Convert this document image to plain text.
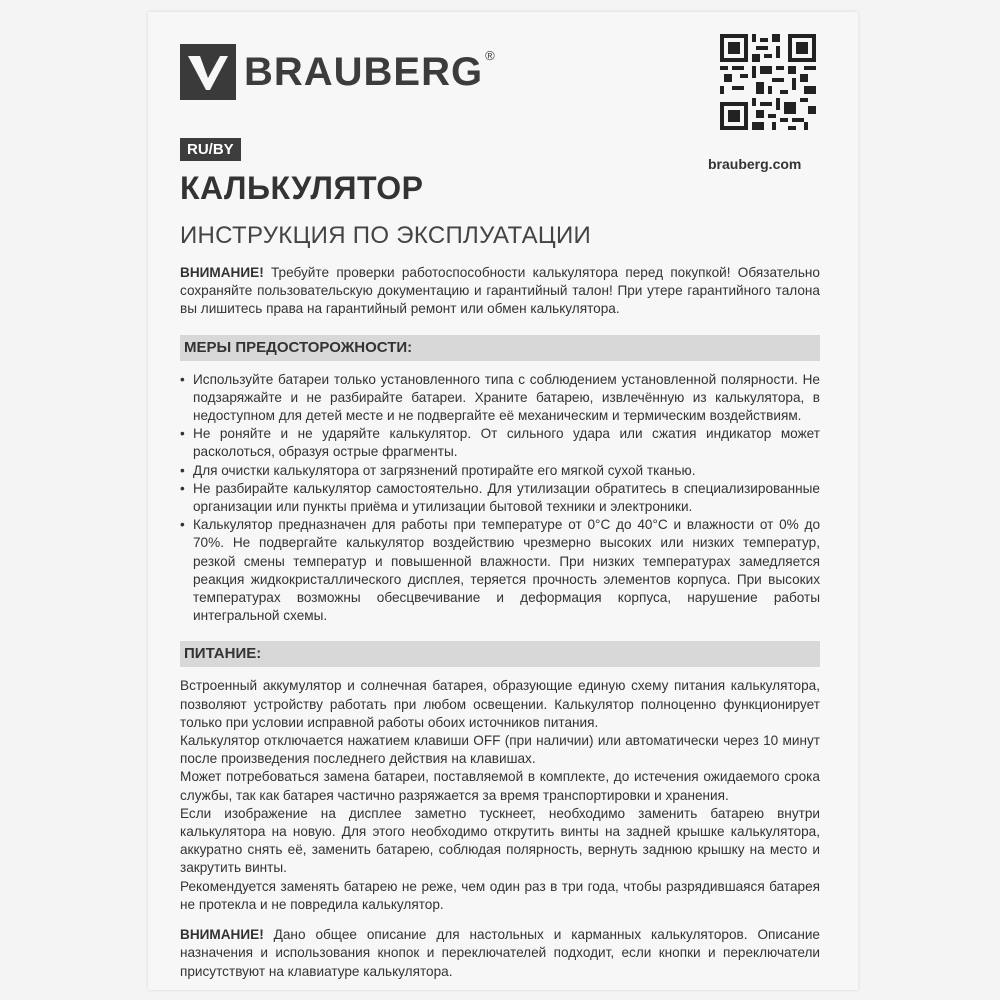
BRAUBERG ®
brauberg.com
RU/BY
КАЛЬКУЛЯТОР
ИНСТРУКЦИЯ ПО ЭКСПЛУАТАЦИИ

ВНИМАНИЕ! Требуйте проверки работоспособности калькулятора перед покупкой! Обязательно сохраняйте пользовательскую документацию и гарантийный талон! При утере гарантийного талона вы лишитесь права на гарантийный ремонт или обмен калькулятора.

МЕРЫ ПРЕДОСТОРОЖНОСТИ:
• Используйте батареи только установленного типа с соблюдением установленной полярности. Не подзаряжайте и не разбирайте батареи. Храните батарею, извлечённую из калькулятора, в недоступном для детей месте и не подвергайте её механическим и термическим воздействиям.
• Не роняйте и не ударяйте калькулятор. От сильного удара или сжатия индикатор может расколоться, образуя острые фрагменты.
• Для очистки калькулятора от загрязнений протирайте его мягкой сухой тканью.
• Не разбирайте калькулятор самостоятельно. Для утилизации обратитесь в специализированные организации или пункты приёма и утилизации бытовой техники и электроники.
• Калькулятор предназначен для работы при температуре от 0°C до 40°C и влажности от 0% до 70%. Не подвергайте калькулятор воздействию чрезмерно высоких или низких температур, резкой смены температур и повышенной влажности. При низких температурах замедляется реакция жидкокристаллического дисплея, теряется прочность элементов корпуса. При высоких температурах возможны обесцвечивание и деформация корпуса, нарушение работы интегральной схемы.
ПИТАНИЕ:

Встроенный аккумулятор и солнечная батарея, образующие единую схему питания калькулятора, позволяют устройству работать при любом освещении. Калькулятор полноценно функционирует только при условии исправной работы обоих источников питания.

Калькулятор отключается нажатием клавиши OFF (при наличии) или автоматически через 10 минут после произведения последнего действия на клавишах.

Может потребоваться замена батареи, поставляемой в комплекте, до истечения ожидаемого срока службы, так как батарея частично разряжается за время транспортировки и хранения.

Если изображение на дисплее заметно тускнеет, необходимо заменить батарею внутри калькулятора на новую. Для этого необходимо открутить винты на задней крышке калькулятора, аккуратно снять её, заменить батарею, соблюдая полярность, вернуть заднюю крышку на место и закрутить винты.

Рекомендуется заменять батарею не реже, чем один раз в три года, чтобы разрядившаяся батарея не протекла и не повредила калькулятор.

ВНИМАНИЕ! Дано общее описание для настольных и карманных калькуляторов. Описание назначения и использования кнопок и переключателей подходит, если кнопки и переключатели присутствуют на клавиатуре калькулятора.
